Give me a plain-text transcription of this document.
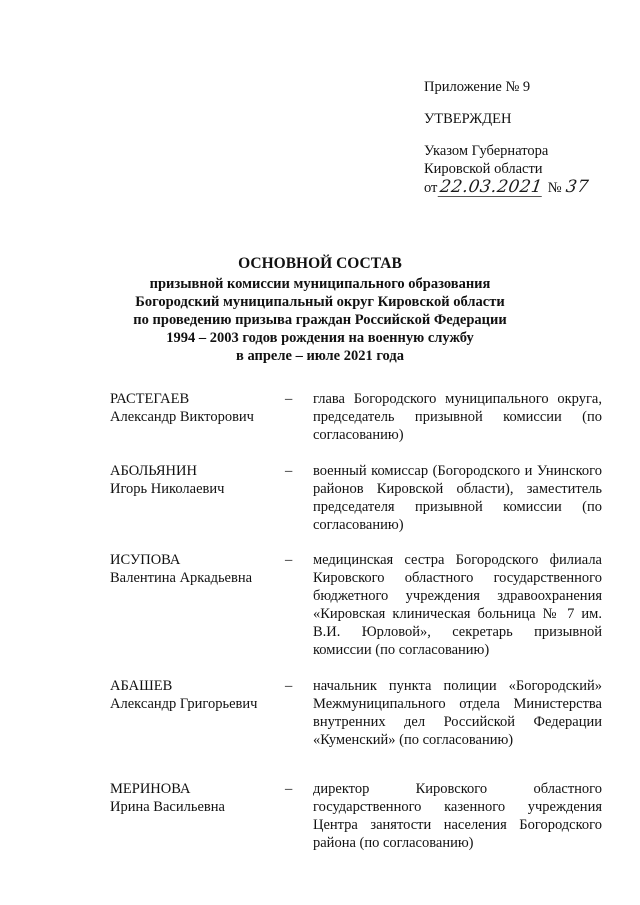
Приложение № 9
УТВЕРЖДЕН
Указом Губернатора
Кировской области
от22.03.2021 № 37
ОСНОВНОЙ СОСТАВ
призывной комиссии муниципального образования
Богородский муниципальный округ Кировской области
по проведению призыва граждан Российской Федерации
1994 – 2003 годов рождения на военную службу
в апреле – июле 2021 года
РАСТЕГАЕВ
Александр Викторович
–	глава Богородского муниципального округа, председатель призывной комиссии (по согласованию)
АБОЛЬЯНИН
Игорь Николаевич
–	военный комиссар (Богородского и Унинского районов Кировской области), заместитель председателя призывной комиссии (по согласованию)
ИСУПОВА
Валентина Аркадьевна
–	медицинская сестра Богородского филиала Кировского областного государственного бюджетного учреждения здравоохранения «Кировская клиническая больница № 7 им. В.И. Юрловой», секретарь призывной комиссии (по согласованию)
АБАШЕВ
Александр Григорьевич
–	начальник пункта полиции «Богородский» Межмуниципального отдела Министерства внутренних дел Российской Федерации «Куменский» (по согласованию)
МЕРИНОВА
Ирина Васильевна
–	директор Кировского областного государственного казенного учреждения Центра занятости населения Богородского района (по согласованию)
